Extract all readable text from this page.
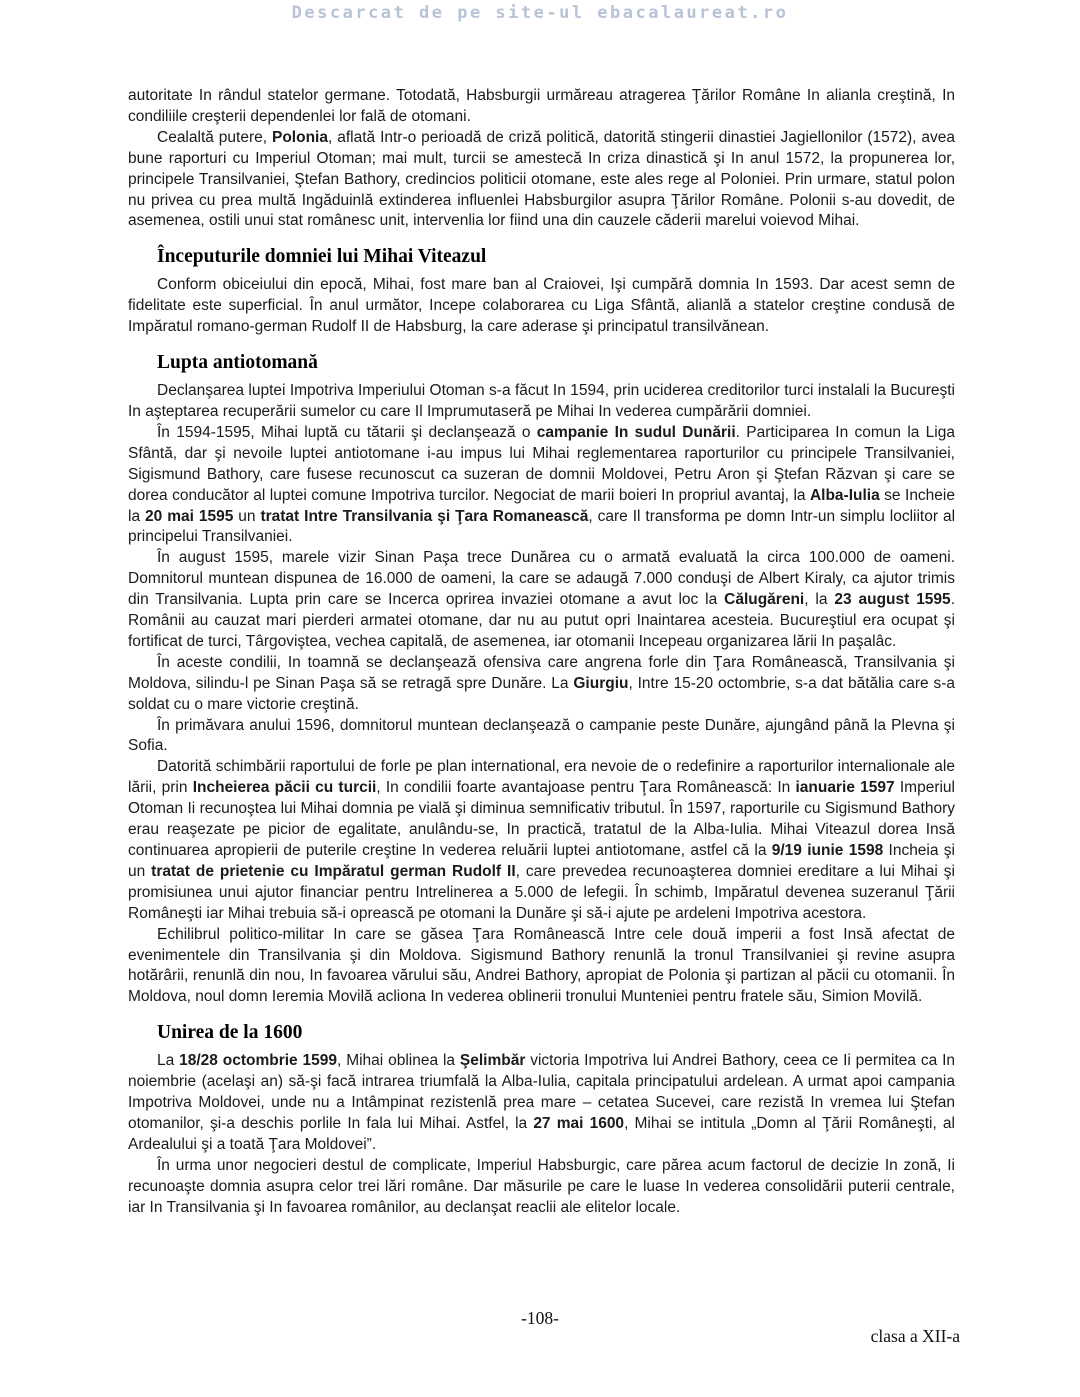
Descarcat de pe site-ul ebacalaureat.ro

autoritate In rândul statelor germane. Totodată, Habsburgii urmăreau atragerea Ţărilor Române In alianla creştină, In condiliile creşterii dependenlei lor fală de otomani.

Cealaltă putere, Polonia, aflată Intr-o perioadă de criză politică, datorită stingerii dinastiei Jagiellonilor (1572), avea bune raporturi cu Imperiul Otoman; mai mult, turcii se amestecă In criza dinastică şi In anul 1572, la propunerea lor, principele Transilvaniei, Ştefan Bathory, credincios politicii otomane, este ales rege al Poloniei. Prin urmare, statul polon nu privea cu prea multă Ingăduinlă extinderea influenlei Habsburgilor asupra Ţărilor Române. Polonii s-au dovedit, de asemenea, ostili unui stat românesc unit, intervenlia lor fiind una din cauzele căderii marelui voievod Mihai.

Începuturile domniei lui Mihai Viteazul

Conform obiceiului din epocă, Mihai, fost mare ban al Craiovei, Işi cumpără domnia In 1593. Dar acest semn de fidelitate este superficial. În anul următor, Incepe colaborarea cu Liga Sfântă, alianlă a statelor creştine condusă de Impăratul romano-german Rudolf II de Habsburg, la care aderase şi principatul transilvănean.

Lupta antiotomană

Declanşarea luptei Impotriva Imperiului Otoman s-a făcut In 1594, prin uciderea creditorilor turci instalali la Bucureşti In aşteptarea recuperării sumelor cu care Il Imprumutaseră pe Mihai In vederea cumpărării domniei.

În 1594-1595, Mihai luptă cu tătarii şi declanşează o campanie In sudul Dunării. Participarea In comun la Liga Sfântă, dar şi nevoile luptei antiotomane i-au impus lui Mihai reglementarea raporturilor cu principele Transilvaniei, Sigismund Bathory, care fusese recunoscut ca suzeran de domnii Moldovei, Petru Aron şi Ştefan Răzvan şi care se dorea conducător al luptei comune Impotriva turcilor. Negociat de marii boieri In propriul avantaj, la Alba-Iulia se Incheie la 20 mai 1595 un tratat Intre Transilvania şi Ţara Romanească, care Il transforma pe domn Intr-un simplu locliitor al principelui Transilvaniei.

În august 1595, marele vizir Sinan Paşa trece Dunărea cu o armată evaluată la circa 100.000 de oameni. Domnitorul muntean dispunea de 16.000 de oameni, la care se adaugă 7.000 conduşi de Albert Kiraly, ca ajutor trimis din Transilvania. Lupta prin care se Incerca oprirea invaziei otomane a avut loc la Călugăreni, la 23 august 1595. Românii au cauzat mari pierderi armatei otomane, dar nu au putut opri Inaintarea acesteia. Bucureştiul era ocupat şi fortificat de turci, Târgoviştea, vechea capitală, de asemenea, iar otomanii Incepeau organizarea lării In paşalâc.

În aceste condilii, In toamnă se declanşează ofensiva care angrena forle din Ţara Românească, Transilvania şi Moldova, silindu-l pe Sinan Paşa să se retragă spre Dunăre. La Giurgiu, Intre 15-20 octombrie, s-a dat bătălia care s-a soldat cu o mare victorie creştină.

În primăvara anului 1596, domnitorul muntean declanşează o campanie peste Dunăre, ajungând până la Plevna şi Sofia.

Datorită schimbării raportului de forle pe plan international, era nevoie de o redefinire a raporturilor internalionale ale lării, prin Incheierea păcii cu turcii, In condilii foarte avantajoase pentru Ţara Românească: In ianuarie 1597 Imperiul Otoman Ii recunoştea lui Mihai domnia pe vială şi diminua semnificativ tributul. În 1597, raporturile cu Sigismund Bathory erau reaşezate pe picior de egalitate, anulându-se, In practică, tratatul de la Alba-Iulia. Mihai Viteazul dorea Insă continuarea apropierii de puterile creştine In vederea reluării luptei antiotomane, astfel că la 9/19 iunie 1598 Incheia şi un tratat de prietenie cu Impăratul german Rudolf II, care prevedea recunoaşterea domniei ereditare a lui Mihai şi promisiunea unui ajutor financiar pentru Intrelinerea a 5.000 de lefegii. În schimb, Impăratul devenea suzeranul Ţării Româneşti iar Mihai trebuia să-i oprească pe otomani la Dunăre şi să-i ajute pe ardeleni Impotriva acestora.

Echilibrul politico-militar In care se găsea Ţara Românească Intre cele două imperii a fost Insă afectat de evenimentele din Transilvania şi din Moldova. Sigismund Bathory renunlă la tronul Transilvaniei şi revine asupra hotărârii, renunlă din nou, In favoarea vărului său, Andrei Bathory, apropiat de Polonia şi partizan al păcii cu otomanii. În Moldova, noul domn Ieremia Movilă acliona In vederea oblinerii tronului Munteniei pentru fratele său, Simion Movilă.

Unirea de la 1600

La 18/28 octombrie 1599, Mihai oblinea la Şelimbăr victoria Impotriva lui Andrei Bathory, ceea ce Ii permitea ca In noiembrie (acelaşi an) să-şi facă intrarea triumfală la Alba-Iulia, capitala principatului ardelean. A urmat apoi campania Impotriva Moldovei, unde nu a Intâmpinat rezistenlă prea mare – cetatea Sucevei, care rezistă In vremea lui Ştefan otomanilor, şi-a deschis porlile In fala lui Mihai. Astfel, la 27 mai 1600, Mihai se intitula „Domn al Ţării Româneşti, al Ardealului şi a toată Ţara Moldovei”.

În urma unor negocieri destul de complicate, Imperiul Habsburgic, care părea acum factorul de decizie In zonă, Ii recunoaşte domnia asupra celor trei lări române. Dar măsurile pe care le luase In vederea consolidării puterii centrale, iar In Transilvania şi In favoarea românilor, au declanşat reaclii ale elitelor locale.

-108-
clasa a XII-a
